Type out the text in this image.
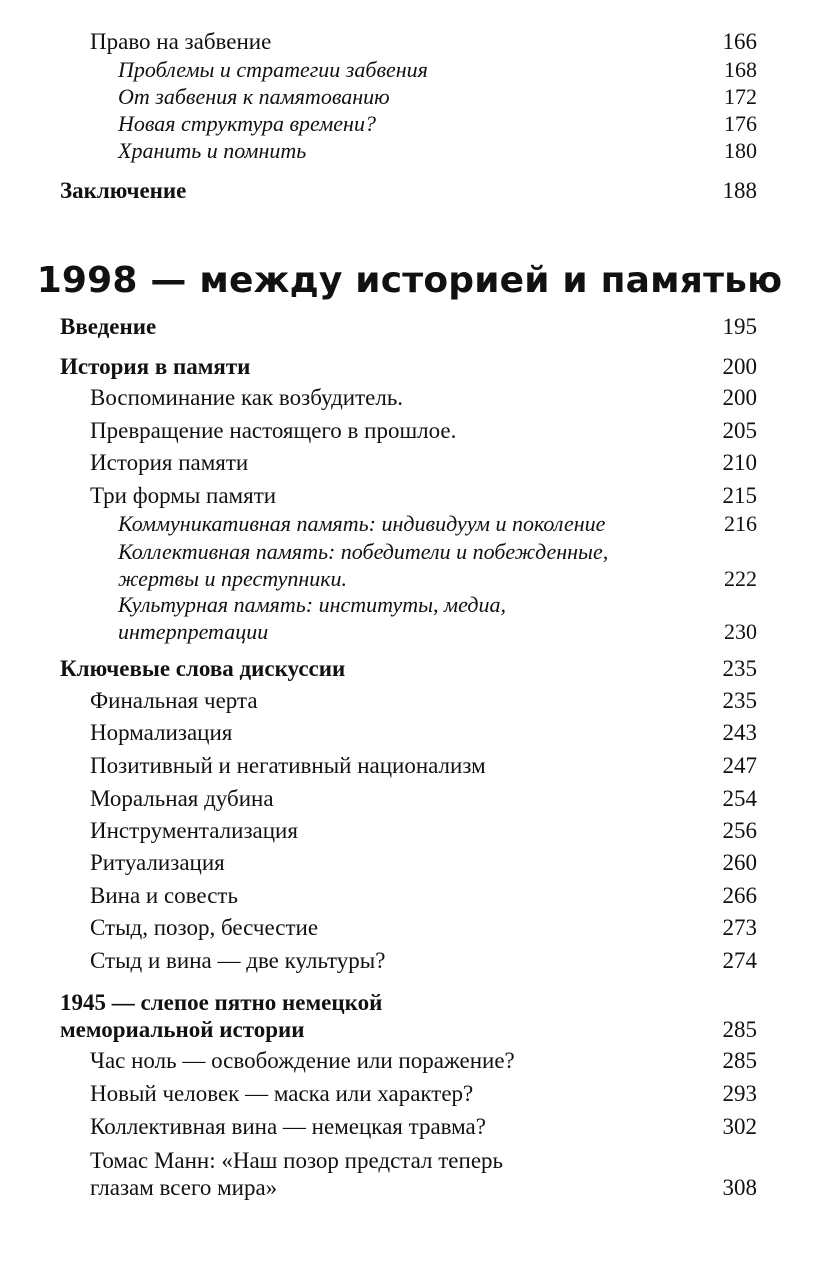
Право на забвение	166
Проблемы и стратегии забвения	168
От забвения к памятованию	172
Новая структура времени?	176
Хранить и помнить	180
Заключение	188
1998 — между историей и памятью
Введение	195
История в памяти	200
Воспоминание как возбудитель.	200
Превращение настоящего в прошлое.	205
История памяти	210
Три формы памяти	215
Коммуникативная память: индивидуум и поколение	216
Коллективная память: победители и побежденные,
жертвы и преступники.	222
Культурная память: институты, медиа,
интерпретации	230
Ключевые слова дискуссии	235
Финальная черта	235
Нормализация	243
Позитивный и негативный национализм	247
Моральная дубина	254
Инструментализация	256
Ритуализация	260
Вина и совесть	266
Стыд, позор, бесчестие	273
Стыд и вина — две культуры?	274
1945 — слепое пятно немецкой
мемориальной истории	285
Час ноль — освобождение или поражение?	285
Новый человек — маска или характер?	293
Коллективная вина — немецкая травма?	302
Томас Манн: «Наш позор предстал теперь
глазам всего мира»	308
